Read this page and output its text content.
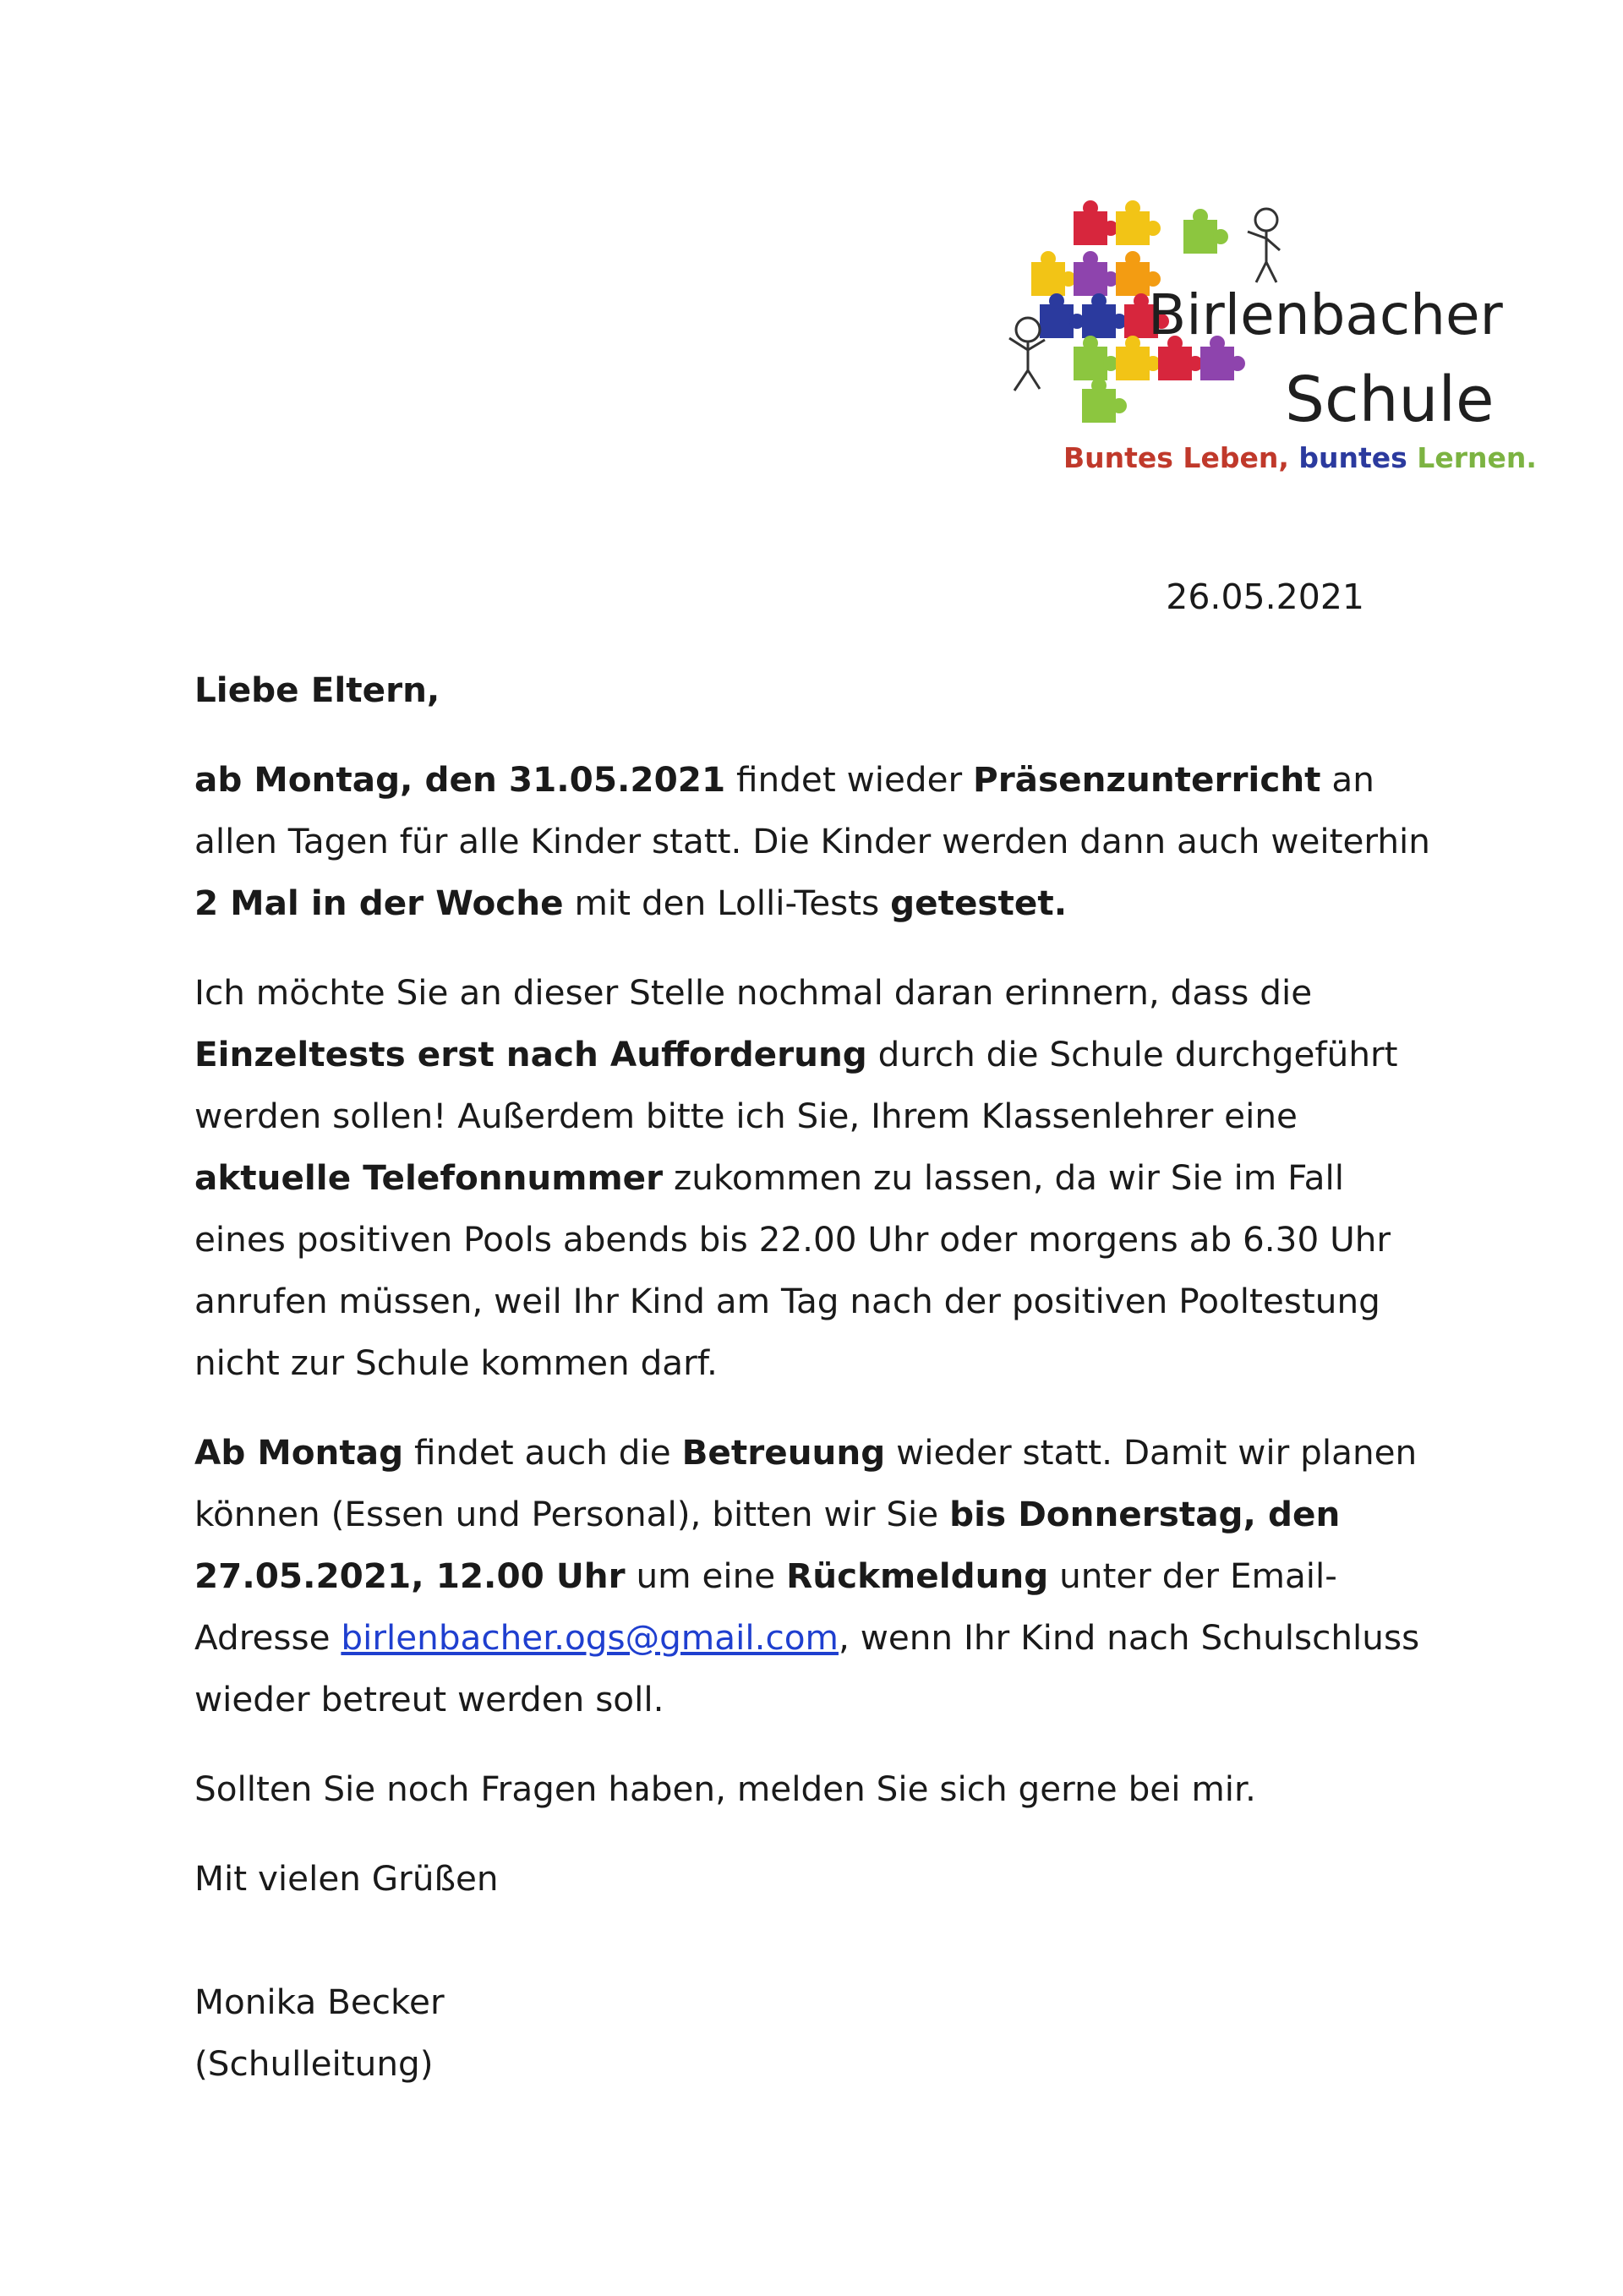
Birlenbacher
Schule
Buntes Leben, buntes Lernen.
26.05.2021

Liebe Eltern,

ab Montag, den 31.05.2021 findet wieder Präsenzunterricht an allen Tagen für alle Kinder statt. Die Kinder werden dann auch weiterhin 2 Mal in der Woche mit den Lolli-Tests getestet.

Ich möchte Sie an dieser Stelle nochmal daran erinnern, dass die Einzeltests erst nach Aufforderung durch die Schule durchgeführt werden sollen! Außerdem bitte ich Sie, Ihrem Klassenlehrer eine aktuelle Telefonnummer zukommen zu lassen, da wir Sie im Fall eines positiven Pools abends bis 22.00 Uhr oder morgens ab 6.30 Uhr anrufen müssen, weil Ihr Kind am Tag nach der positiven Pooltestung nicht zur Schule kommen darf.

Ab Montag findet auch die Betreuung wieder statt. Damit wir planen können (Essen und Personal), bitten wir Sie bis Donnerstag, den 27.05.2021, 12.00 Uhr um eine Rückmeldung unter der Email-Adresse birlenbacher.ogs@gmail.com, wenn Ihr Kind nach Schulschluss wieder betreut werden soll.

Sollten Sie noch Fragen haben, melden Sie sich gerne bei mir.

Mit vielen Grüßen

Monika Becker
(Schulleitung)
